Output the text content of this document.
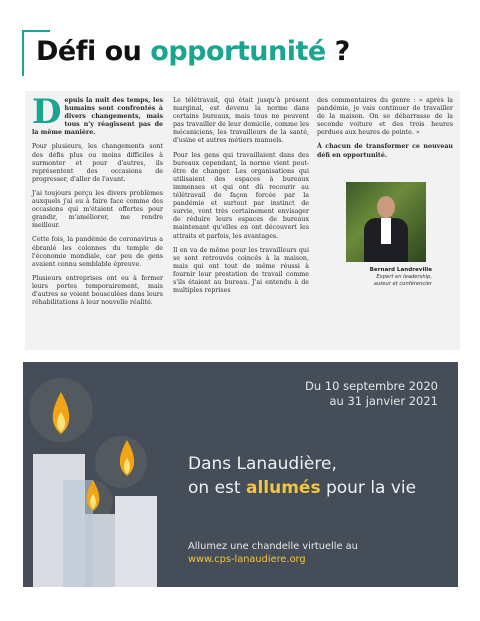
Défi ou opportunité ?

D epuis la nuit des temps, les humains sont confrontés à divers changements, mais tous n'y réagissent pas de la même manière.

Pour plusieurs, les changements sont des défis plus ou moins difficiles à surmonter et pour d'autres, ils représentent des occasions de progresser, d'aller de l'avant.

J'ai toujours perçu les divers problèmes auxquels j'ai eu à faire face comme des occasions qui m'étaient offertes pour grandir, m'améliorer, me rendre meilleur.

Cette fois, la pandémie de coronavirus a ébranlé les colonnes du temple de l'économie mondiale, car peu de gens avaient connu semblable épreuve.

Plusieurs entreprises ont eu à fermer leurs portes temporairement, mais d'autres se voient bousculées dans leurs réhabilitations à leur nouvelle réalité.

Le télétravail, qui était jusqu'à présent marginal, est devenu la norme dans certains bureaux, mais tous ne peuvent pas travailler de leur domicile, comme les mécaniciens, les travailleurs de la santé, d'usine et autres métiers manuels.

Pour les gens qui travaillaient dans des bureaux cependant, la norme vient peut-être de changer. Les organisations qui utilisaient des espaces à bureaux immenses et qui ont dû recourir au télétravail de façon forcée par la pandémie et surtout par instinct de survie, vont très certainement envisager de réduire leurs espaces de bureaux maintenant qu'elles en ont découvert les attraits et parfois, les avantages.

Il en va de même pour les travailleurs qui se sont retrouvés coincés à la maison, mais qui ont tout de même réussi à fournir leur prestation de travail comme s'ils étaient au bureau. J'ai entendu à de multiples reprises

des commentaires du genre : « après la pandémie, je vais continuer de travailler de la maison. On se débarrasse de la seconde voiture et des trois heures perdues aux heures de pointe. »

À chacun de transformer ce nouveau défi en opportunité.

Bernard Landreville
Expert en leadership,
auteur et conférencier
Du 10 septembre 2020
au 31 janvier 2021
Dans Lanaudière,
on est allumés pour la vie
Allumez une chandelle virtuelle au
www.cps-lanaudiere.org
